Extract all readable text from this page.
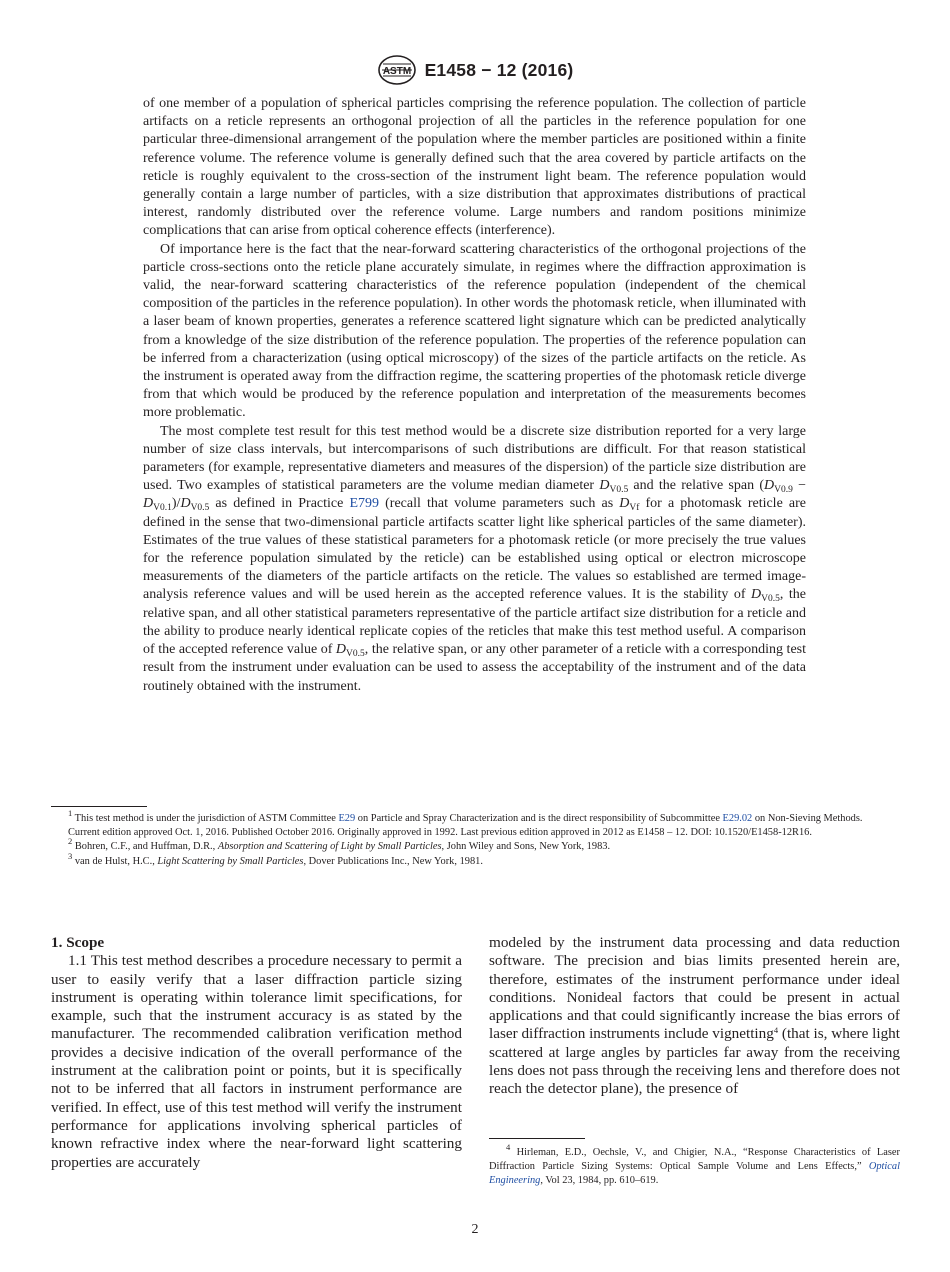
ASTM E1458 − 12 (2016)

of one member of a population of spherical particles comprising the reference population. The collection of particle artifacts on a reticle represents an orthogonal projection of all the particles in the reference population for one particular three-dimensional arrangement of the population where the member particles are positioned within a finite reference volume. The reference volume is generally defined such that the area covered by particle artifacts on the reticle is roughly equivalent to the cross-section of the instrument light beam. The reference population would generally contain a large number of particles, with a size distribution that approximates distributions of practical interest, randomly distributed over the reference volume. Large numbers and random positions minimize complications that can arise from optical coherence effects (interference).

Of importance here is the fact that the near-forward scattering characteristics of the orthogonal projections of the particle cross-sections onto the reticle plane accurately simulate, in regimes where the diffraction approximation is valid, the near-forward scattering characteristics of the reference population (independent of the chemical composition of the particles in the reference population). In other words the photomask reticle, when illuminated with a laser beam of known properties, generates a reference scattered light signature which can be predicted analytically from a knowledge of the size distribution of the reference population. The properties of the reference population can be inferred from a characterization (using optical microscopy) of the sizes of the particle artifacts on the reticle. As the instrument is operated away from the diffraction regime, the scattering properties of the photomask reticle diverge from that which would be produced by the reference population and interpretation of the measurements becomes more problematic.

The most complete test result for this test method would be a discrete size distribution reported for a very large number of size class intervals, but intercomparisons of such distributions are difficult. For that reason statistical parameters (for example, representative diameters and measures of the dispersion) of the particle size distribution are used. Two examples of statistical parameters are the volume median diameter $D_{V0.5}$ and the relative span $(D_{V0.9} - D_{V0.1})/D_{V0.5}$ as defined in Practice E799 (recall that volume parameters such as $D_{Vf}$ for a photomask reticle are defined in the sense that two-dimensional particle artifacts scatter light like spherical particles of the same diameter). Estimates of the true values of these statistical parameters for a photomask reticle (or more precisely the true values for the reference population simulated by the reticle) can be established using optical or electron microscope measurements of the diameters of the particle artifacts on the reticle. The values so established are termed image-analysis reference values and will be used herein as the accepted reference values. It is the stability of $D_{V0.5}$, the relative span, and all other statistical parameters representative of the particle artifact size distribution for a reticle and the ability to produce nearly identical replicate copies of the reticles that make this test method useful. A comparison of the accepted reference value of $D_{V0.5}$, the relative span, or any other parameter of a reticle with a corresponding test result from the instrument under evaluation can be used to assess the acceptability of the instrument and of the data routinely obtained with the instrument.

$^1$ This test method is under the jurisdiction of ASTM Committee E29 on Particle and Spray Characterization and is the direct responsibility of Subcommittee E29.02 on Non-Sieving Methods.

Current edition approved Oct. 1, 2016. Published October 2016. Originally approved in 1992. Last previous edition approved in 2012 as E1458 – 12. DOI: 10.1520/E1458-12R16.

$^2$ Bohren, C.F., and Huffman, D.R., Absorption and Scattering of Light by Small Particles, John Wiley and Sons, New York, 1983.

$^3$ van de Hulst, H.C., Light Scattering by Small Particles, Dover Publications Inc., New York, 1981.

1. Scope

1.1 This test method describes a procedure necessary to permit a user to easily verify that a laser diffraction particle sizing instrument is operating within tolerance limit specifications, for example, such that the instrument accuracy is as stated by the manufacturer. The recommended calibration verification method provides a decisive indication of the overall performance of the instrument at the calibration point or points, but it is specifically not to be inferred that all factors in instrument performance are verified. In effect, use of this test method will verify the instrument performance for applications involving spherical particles of known refractive index where the near-forward light scattering properties are accurately

modeled by the instrument data processing and data reduction software. The precision and bias limits presented herein are, therefore, estimates of the instrument performance under ideal conditions. Nonideal factors that could be present in actual applications and that could significantly increase the bias errors of laser diffraction instruments include vignetting$^4$ (that is, where light scattered at large angles by particles far away from the receiving lens does not pass through the receiving lens and therefore does not reach the detector plane), the presence of

$^4$ Hirleman, E.D., Oechsle, V., and Chigier, N.A., “Response Characteristics of Laser Diffraction Particle Sizing Systems: Optical Sample Volume and Lens Effects,” Optical Engineering, Vol 23, 1984, pp. 610–619.

2
